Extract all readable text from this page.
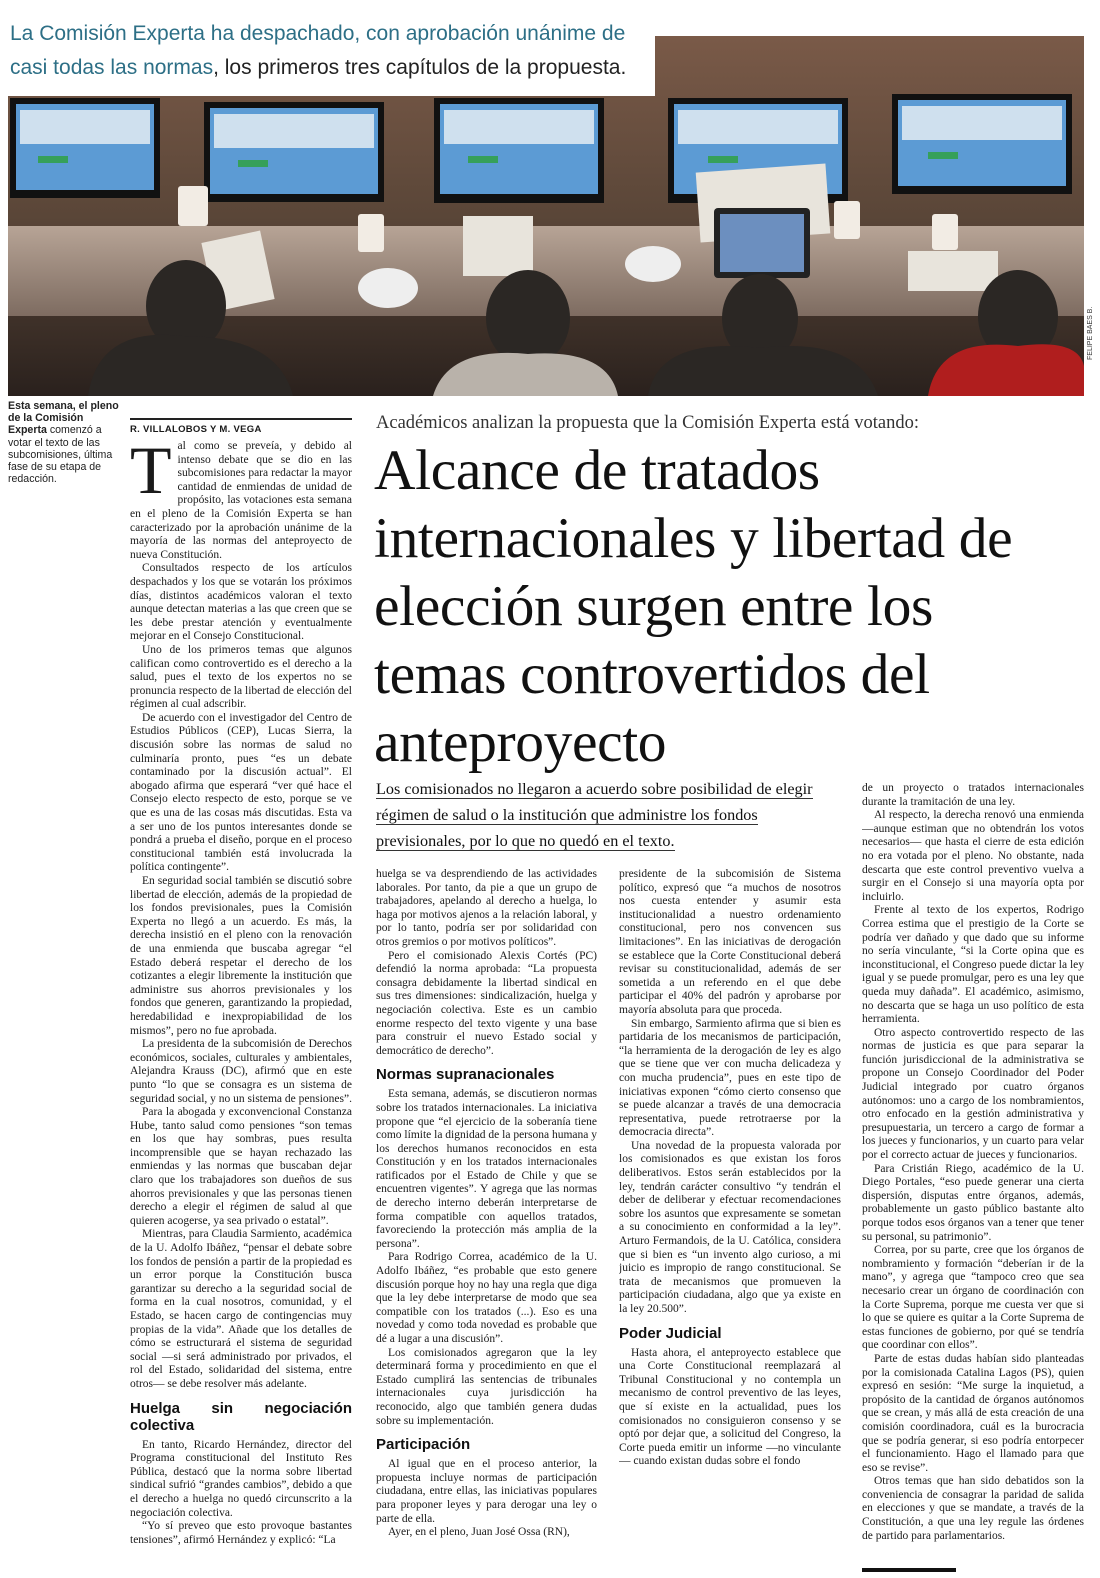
FELIPE BAES B.
La Comisión Experta ha despachado, con aprobación unánime de
casi todas las normas, los primeros tres capítulos de la propuesta.
Esta semana, el pleno de la Comisión Experta comenzó a votar el texto de las subcomisiones, última fase de su etapa de redacción.
R. VILLALOBOS Y M. VEGA
T al como se preveía, y debido al intenso debate que se dio en las subcomisiones para redactar la mayor cantidad de enmiendas de unidad de propósito, las votaciones esta semana en el pleno de la Comisión Experta se han caracterizado por la aprobación unánime de la mayoría de las normas del anteproyecto de nueva Constitución.

Consultados respecto de los artículos despachados y los que se votarán los próximos días, distintos académicos valoran el texto aunque detectan materias a las que creen que se les debe prestar atención y eventualmente mejorar en el Consejo Constitucional.

Uno de los primeros temas que algunos califican como controvertido es el derecho a la salud, pues el texto de los expertos no se pronuncia respecto de la libertad de elección del régimen al cual adscribir.

De acuerdo con el investigador del Centro de Estudios Públicos (CEP), Lucas Sierra, la discusión sobre las normas de salud no culminaría pronto, pues “es un debate contaminado por la discusión actual”. El abogado afirma que esperará “ver qué hace el Consejo electo respecto de esto, porque se ve que es una de las cosas más discutidas. Esta va a ser uno de los puntos interesantes donde se pondrá a prueba el diseño, porque en el proceso constitucional también está involucrada la política contingente”.

En seguridad social también se discutió sobre libertad de elección, además de la propiedad de los fondos previsionales, pues la Comisión Experta no llegó a un acuerdo. Es más, la derecha insistió en el pleno con la renovación de una enmienda que buscaba agregar “el Estado deberá respetar el derecho de los cotizantes a elegir libremente la institución que administre sus ahorros previsionales y los fondos que generen, garantizando la propiedad, heredabilidad e inexpropiabilidad de los mismos”, pero no fue aprobada.

La presidenta de la subcomisión de Derechos económicos, sociales, culturales y ambientales, Alejandra Krauss (DC), afirmó que en este punto “lo que se consagra es un sistema de seguridad social, y no un sistema de pensiones”.

Para la abogada y exconvencional Constanza Hube, tanto salud como pensiones “son temas en los que hay sombras, pues resulta incomprensible que se hayan rechazado las enmiendas y las normas que buscaban dejar claro que los trabajadores son dueños de sus ahorros previsionales y que las personas tienen derecho a elegir el régimen de salud al que quieren acogerse, ya sea privado o estatal”.

Mientras, para Claudia Sarmiento, académica de la U. Adolfo Ibáñez, “pensar el debate sobre los fondos de pensión a partir de la propiedad es un error porque la Constitución busca garantizar su derecho a la seguridad social de forma en la cual nosotros, comunidad, y el Estado, se hacen cargo de contingencias muy propias de la vida”. Añade que los detalles de cómo se estructurará el sistema de seguridad social —si será administrado por privados, el rol del Estado, solidaridad del sistema, entre otros— se debe resolver más adelante.

Huelga sin negociación colectiva

En tanto, Ricardo Hernández, director del Programa constitucional del Instituto Res Pública, destacó que la norma sobre libertad sindical sufrió “grandes cambios”, debido a que el derecho a huelga no quedó circunscrito a la negociación colectiva.

“Yo sí preveo que esto provoque bastantes tensiones”, afirmó Hernández y explicó: “La

Académicos analizan la propuesta que la Comisión Experta está votando:
Alcance de tratados internacionales y libertad de elección surgen entre los temas controvertidos del anteproyecto
Los comisionados no llegaron a acuerdo sobre posibilidad de elegir régimen de salud o la institución que administre los fondos previsionales, por lo que no quedó en el texto.

huelga se va desprendiendo de las actividades laborales. Por tanto, da pie a que un grupo de trabajadores, apelando al derecho a huelga, lo haga por motivos ajenos a la relación laboral, y por lo tanto, podría ser por solidaridad con otros gremios o por motivos políticos”.

Pero el comisionado Alexis Cortés (PC) defendió la norma aprobada: “La propuesta consagra debidamente la libertad sindical en sus tres dimensiones: sindicalización, huelga y negociación colectiva. Este es un cambio enorme respecto del texto vigente y una base para construir el nuevo Estado social y democrático de derecho”.

Normas supranacionales

Esta semana, además, se discutieron normas sobre los tratados internacionales. La iniciativa propone que “el ejercicio de la soberanía tiene como límite la dignidad de la persona humana y los derechos humanos reconocidos en esta Constitución y en los tratados internacionales ratificados por el Estado de Chile y que se encuentren vigentes”. Y agrega que las normas de derecho interno deberán interpretarse de forma compatible con aquellos tratados, favoreciendo la protección más amplia de la persona”.

Para Rodrigo Correa, académico de la U. Adolfo Ibáñez, “es probable que esto genere discusión porque hoy no hay una regla que diga que la ley debe interpretarse de modo que sea compatible con los tratados (...). Eso es una novedad y como toda novedad es probable que dé a lugar a una discusión”.

Los comisionados agregaron que la ley determinará forma y procedimiento en que el Estado cumplirá las sentencias de tribunales internacionales cuya jurisdicción ha reconocido, algo que también genera dudas sobre su implementación.

Participación

Al igual que en el proceso anterior, la propuesta incluye normas de participación ciudadana, entre ellas, las iniciativas populares para proponer leyes y para derogar una ley o parte de ella.

Ayer, en el pleno, Juan José Ossa (RN),

presidente de la subcomisión de Sistema político, expresó que “a muchos de nosotros nos cuesta entender y asumir esta institucionalidad a nuestro ordenamiento constitucional, pero nos convencen sus limitaciones”. En las iniciativas de derogación se establece que la Corte Constitucional deberá revisar su constitucionalidad, además de ser sometida a un referendo en el que debe participar el 40% del padrón y aprobarse por mayoría absoluta para que proceda.

Sin embargo, Sarmiento afirma que si bien es partidaria de los mecanismos de participación, “la herramienta de la derogación de ley es algo que se tiene que ver con mucha delicadeza y con mucha prudencia”, pues en este tipo de iniciativas exponen “cómo cierto consenso que se puede alcanzar a través de una democracia representativa, puede retrotraerse por la democracia directa”.

Una novedad de la propuesta valorada por los comisionados es que existan los foros deliberativos. Estos serán establecidos por la ley, tendrán carácter consultivo “y tendrán el deber de deliberar y efectuar recomendaciones sobre los asuntos que expresamente se sometan a su conocimiento en conformidad a la ley”. Arturo Fermandois, de la U. Católica, considera que si bien es “un invento algo curioso, a mi juicio es impropio de rango constitucional. Se trata de mecanismos que promueven la participación ciudadana, algo que ya existe en la ley 20.500”.

Poder Judicial

Hasta ahora, el anteproyecto establece que una Corte Constitucional reemplazará al Tribunal Constitucional y no contempla un mecanismo de control preventivo de las leyes, que sí existe en la actualidad, pues los comisionados no consiguieron consenso y se optó por dejar que, a solicitud del Congreso, la Corte pueda emitir un informe —no vinculante— cuando existan dudas sobre el fondo

de un proyecto o tratados internacionales durante la tramitación de una ley.

Al respecto, la derecha renovó una enmienda —aunque estiman que no obtendrán los votos necesarios— que hasta el cierre de esta edición no era votada por el pleno. No obstante, nada descarta que este control preventivo vuelva a surgir en el Consejo si una mayoría opta por incluirlo.

Frente al texto de los expertos, Rodrigo Correa estima que el prestigio de la Corte se podría ver dañado y que dado que su informe no sería vinculante, “si la Corte opina que es inconstitucional, el Congreso puede dictar la ley igual y se puede promulgar, pero es una ley que queda muy dañada”. El académico, asimismo, no descarta que se haga un uso político de esta herramienta.

Otro aspecto controvertido respecto de las normas de justicia es que para separar la función jurisdiccional de la administrativa se propone un Consejo Coordinador del Poder Judicial integrado por cuatro órganos autónomos: uno a cargo de los nombramientos, otro enfocado en la gestión administrativa y presupuestaria, un tercero a cargo de formar a los jueces y funcionarios, y un cuarto para velar por el correcto actuar de jueces y funcionarios.

Para Cristián Riego, académico de la U. Diego Portales, “eso puede generar una cierta dispersión, disputas entre órganos, además, probablemente un gasto público bastante alto porque todos esos órganos van a tener que tener su personal, su patrimonio”.

Correa, por su parte, cree que los órganos de nombramiento y formación “deberían ir de la mano”, y agrega que “tampoco creo que sea necesario crear un órgano de coordinación con la Corte Suprema, porque me cuesta ver que si lo que se quiere es quitar a la Corte Suprema de estas funciones de gobierno, por qué se tendría que coordinar con ellos”.

Parte de estas dudas habían sido planteadas por la comisionada Catalina Lagos (PS), quien expresó en sesión: “Me surge la inquietud, a propósito de la cantidad de órganos autónomos que se crean, y más allá de esta creación de una comisión coordinadora, cuál es la burocracia que se podría generar, si eso podría entorpecer el funcionamiento. Hago el llamado para que eso se revise”.

Otros temas que han sido debatidos son la conveniencia de consagrar la paridad de salida en elecciones y que se mandate, a través de la Constitución, a que una ley regule las órdenes de partido para parlamentarios.
